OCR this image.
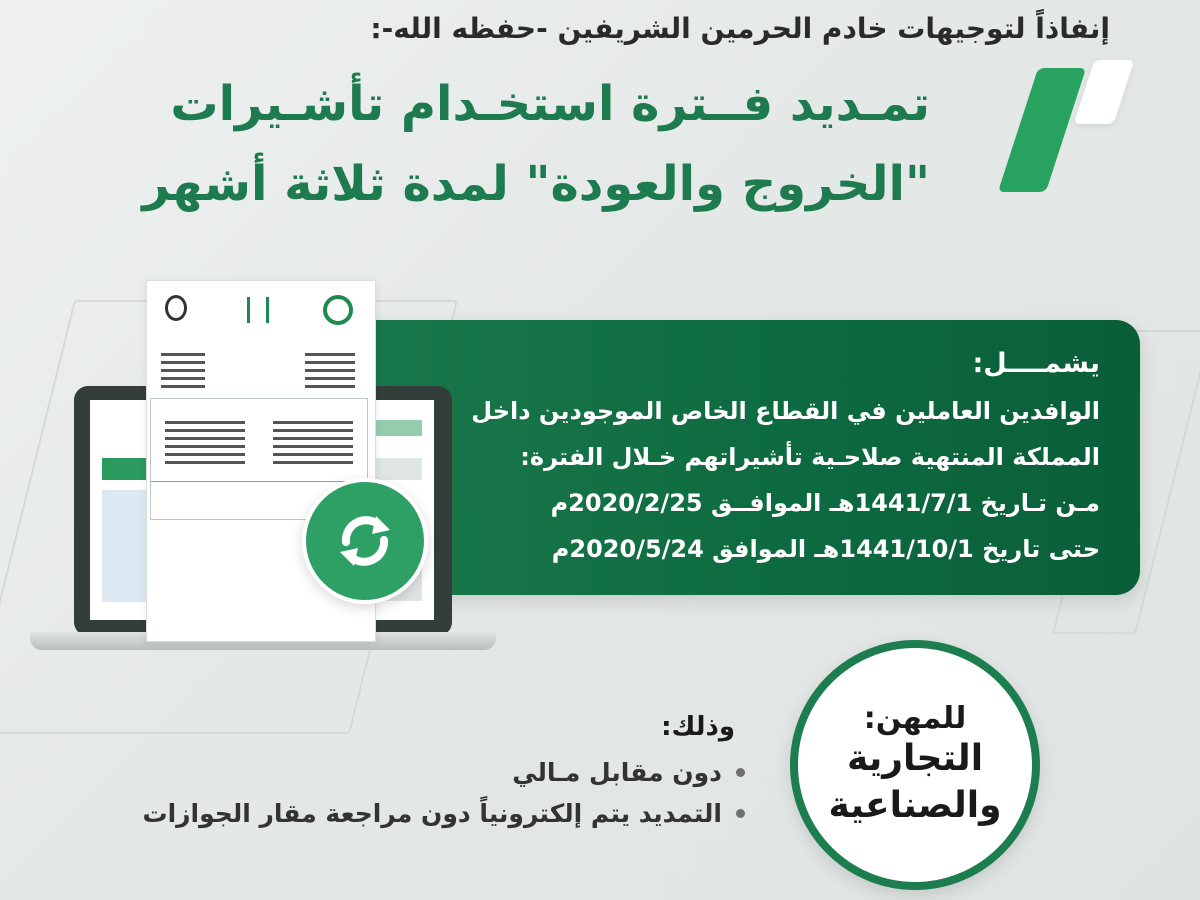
إنفاذاً لتوجيهات خادم الحرمين الشريفين -حفظه الله-:
تمـديد فــترة استخـدام تأشـيرات
"الخروج والعودة" لمدة ثلاثة أشهر
يشمــــل:
الوافدين العاملين في القطاع الخاص الموجودين داخل
المملكة المنتهية صلاحـية تأشيراتهم خـلال الفترة:
مـن تـاريخ 1441/7/1هـ الموافــق 2020/2/25م
حتى تاريخ 1441/10/1هـ الموافق 2020/5/24م
للمهن:
التجارية
والصناعية
وذلك:
دون مقابل مـالي
التمديد يتم إلكترونياً دون مراجعة مقار الجوازات
